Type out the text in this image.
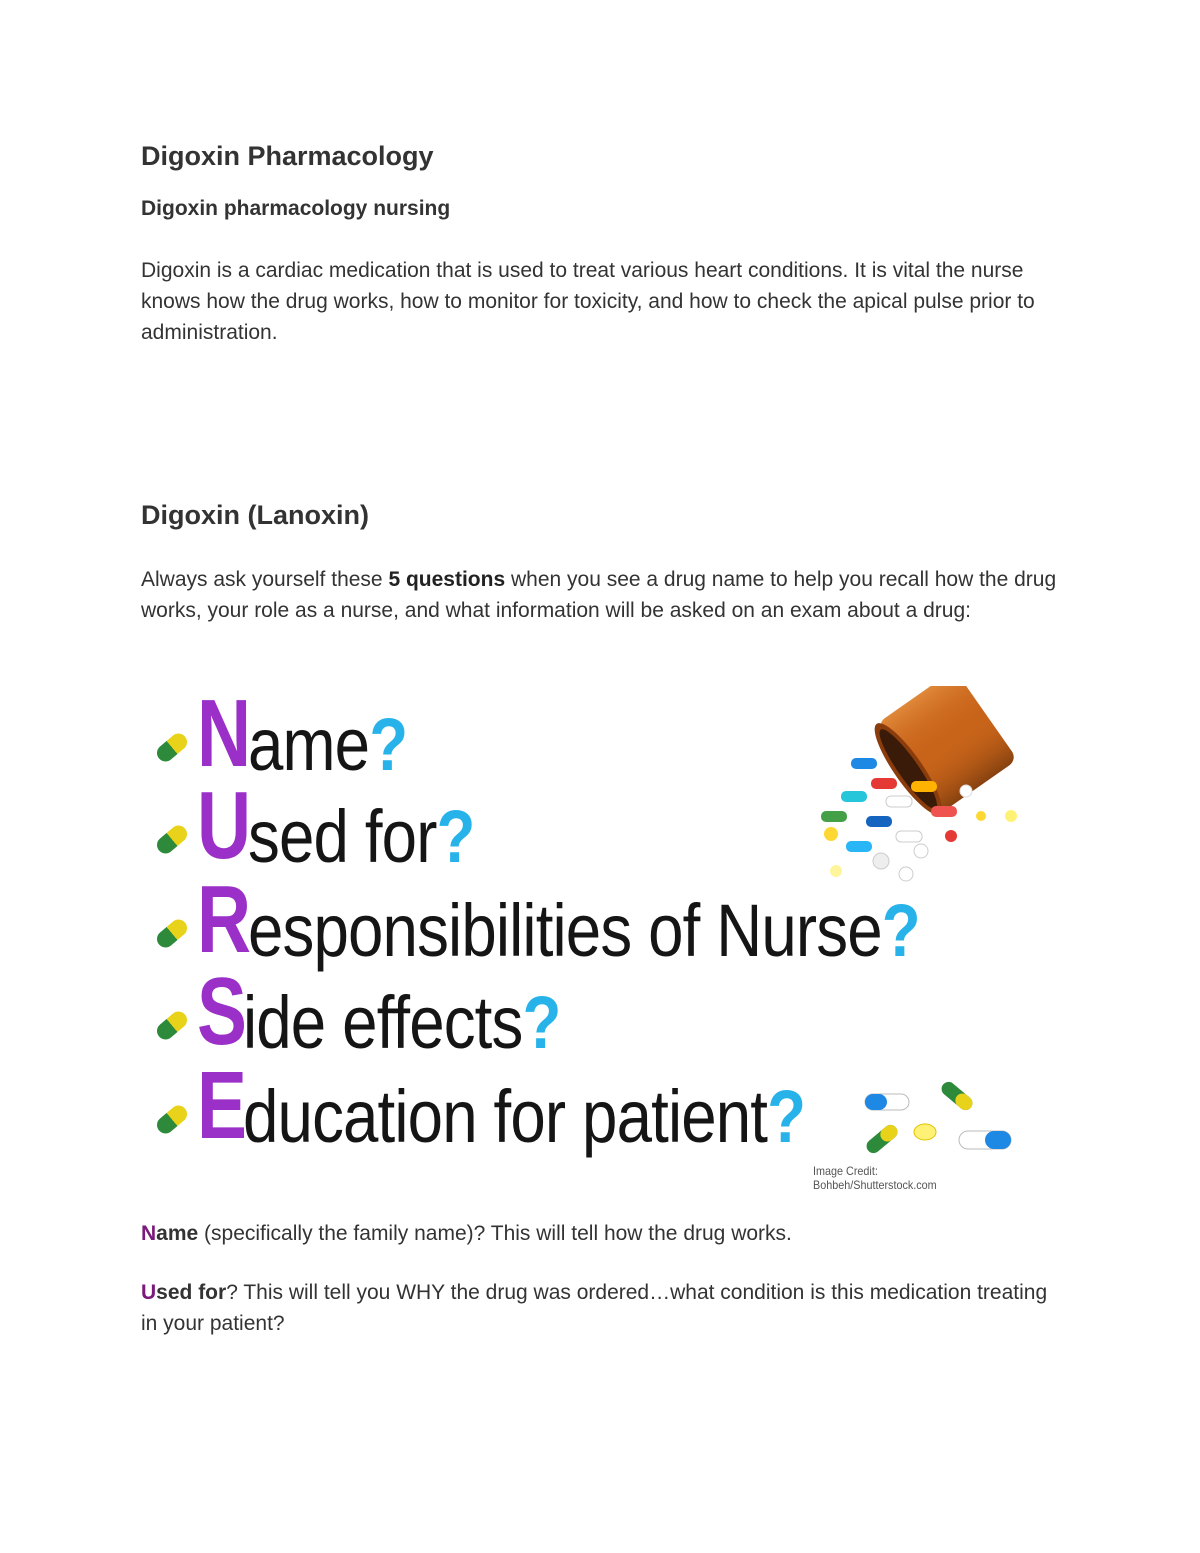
Digoxin Pharmacology
Digoxin pharmacology nursing

Digoxin is a cardiac medication that is used to treat various heart conditions. It is vital the nurse knows how the drug works, how to monitor for toxicity, and how to check the apical pulse prior to administration.

Digoxin (Lanoxin)

Always ask yourself these 5 questions when you see a drug name to help you recall how the drug works, your role as a nurse, and what information will be asked on an exam about a drug:

N
ame?
U
sed for?
R
esponsibilities of Nurse?
S
ide effects?
E
ducation for patient?
Image Credit: Bohbeh/Shutterstock.com

Name (specifically the family name)? This will tell how the drug works.

Used for? This will tell you WHY the drug was ordered…what condition is this medication treating in your patient?
